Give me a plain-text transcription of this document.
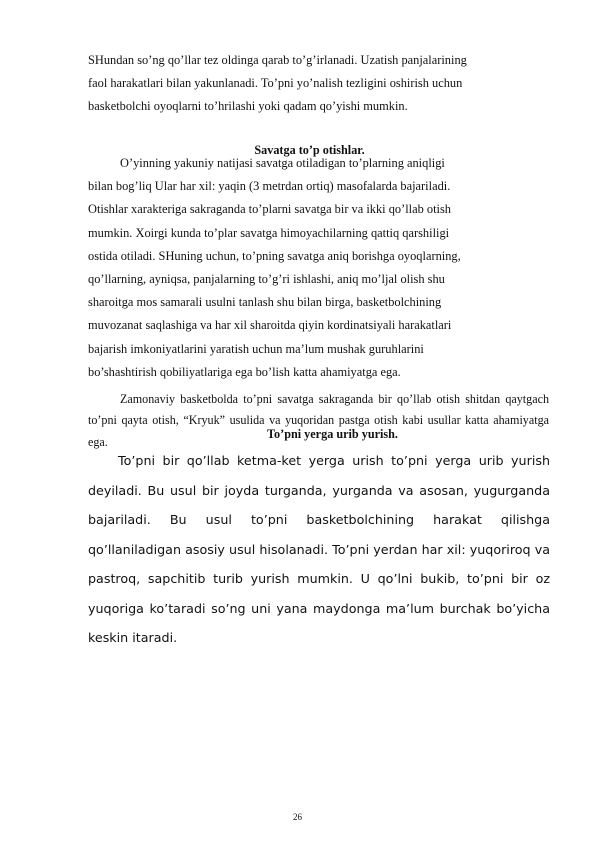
SHundan so’ng qo’llar tez oldinga qarab to’g’irlanadi. Uzatish panjalarining
faol harakatlari bilan yakunlanadi. To’pni yo’nalish tezligini oshirish uchun
basketbolchi oyoqlarni to’hrilashi yoki qadam qo’yishi mumkin.
Savatga to’p otishlar.
O’yinning yakuniy natijasi savatga otiladigan to’plarning aniqligi
bilan bog’liq Ular har xil: yaqin (3 metrdan ortiq) masofalarda bajariladi.
Otishlar xarakteriga sakraganda to’plarni savatga bir va ikki qo’llab otish
mumkin. Xoirgi kunda to’plar savatga himoyachilarning qattiq qarshiligi
ostida otiladi. SHuning uchun, to’pning savatga aniq borishga oyoqlarning,
qo’llarning, ayniqsa, panjalarning to’g’ri ishlashi, aniq mo’ljal olish shu
sharoitga mos samarali usulni tanlash shu bilan birga, basketbolchining
muvozanat saqlashiga va har xil sharoitda qiyin kordinatsiyali harakatlari
bajarish imkoniyatlarini yaratish uchun ma’lum mushak guruhlarini
bo’shashtirish qobiliyatlariga ega bo’lish katta ahamiyatga ega.
Zamonaviy basketbolda to’pni savatga sakraganda bir qo’llab otish shitdan qaytgach to’pni qayta otish, “Kryuk” usulida va yuqoridan pastga otish kabi usullar katta ahamiyatga ega.
To’pni yerga urib yurish.
To’pni bir qo’llab ketma-ket yerga urish to’pni yerga urib yurish deyiladi. Bu usul bir joyda turganda, yurganda va asosan, yugurganda bajariladi. Bu usul to’pni basketbolchining harakat qilishga qo’llaniladigan asosiy usul hisolanadi. To’pni yerdan har xil: yuqoriroq va pastroq, sapchitib turib yurish mumkin. U qo’lni bukib, to’pni bir oz yuqoriga ko’taradi so’ng uni yana maydonga ma’lum burchak bo’yicha keskin itaradi.
26
